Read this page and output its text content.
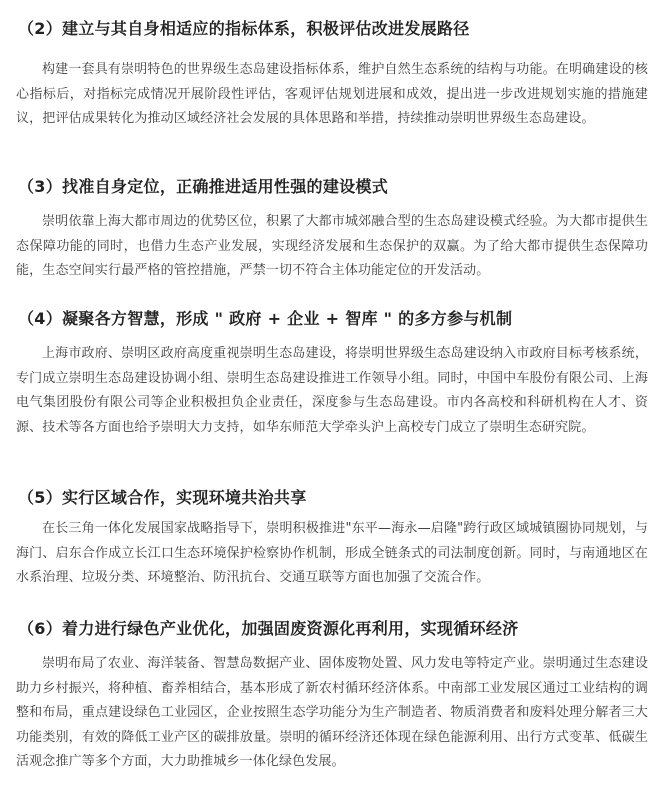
（2）建立与其自身相适应的指标体系，积极评估改进发展路径
构建一套具有崇明特色的世界级生态岛建设指标体系，维护自然生态系统的结构与功能。在明确建设的核心指标后，对指标完成情况开展阶段性评估，客观评估规划进展和成效，提出进一步改进规划实施的措施建议，把评估成果转化为推动区域经济社会发展的具体思路和举措，持续推动崇明世界级生态岛建设。
（3）找准自身定位，正确推进适用性强的建设模式
崇明依靠上海大都市周边的优势区位，积累了大都市城郊融合型的生态岛建设模式经验。为大都市提供生态保障功能的同时，也借力生态产业发展，实现经济发展和生态保护的双赢。为了给大都市提供生态保障功能，生态空间实行最严格的管控措施，严禁一切不符合主体功能定位的开发活动。
（4）凝聚各方智慧，形成 " 政府 + 企业 + 智库 " 的多方参与机制
上海市政府、崇明区政府高度重视崇明生态岛建设，将崇明世界级生态岛建设纳入市政府目标考核系统，专门成立崇明生态岛建设协调小组、崇明生态岛建设推进工作领导小组。同时，中国中车股份有限公司、上海电气集团股份有限公司等企业积极担负企业责任，深度参与生态岛建设。市内各高校和科研机构在人才、资源、技术等各方面也给予崇明大力支持，如华东师范大学牵头沪上高校专门成立了崇明生态研究院。
（5）实行区域合作，实现环境共治共享
在长三角一体化发展国家战略指导下，崇明积极推进"东平—海永—启隆"跨行政区域城镇圈协同规划，与海门、启东合作成立长江口生态环境保护检察协作机制，形成全链条式的司法制度创新。同时，与南通地区在水系治理、垃圾分类、环境整治、防汛抗台、交通互联等方面也加强了交流合作。
（6）着力进行绿色产业优化，加强固废资源化再利用，实现循环经济
崇明布局了农业、海洋装备、智慧岛数据产业、固体废物处置、风力发电等特定产业。崇明通过生态建设助力乡村振兴，将种植、畜养相结合，基本形成了新农村循环经济体系。中南部工业发展区通过工业结构的调整和布局，重点建设绿色工业园区，企业按照生态学功能分为生产制造者、物质消费者和废料处理分解者三大功能类别，有效的降低工业产区的碳排放量。崇明的循环经济还体现在绿色能源利用、出行方式变革、低碳生活观念推广等多个方面，大力助推城乡一体化绿色发展。
